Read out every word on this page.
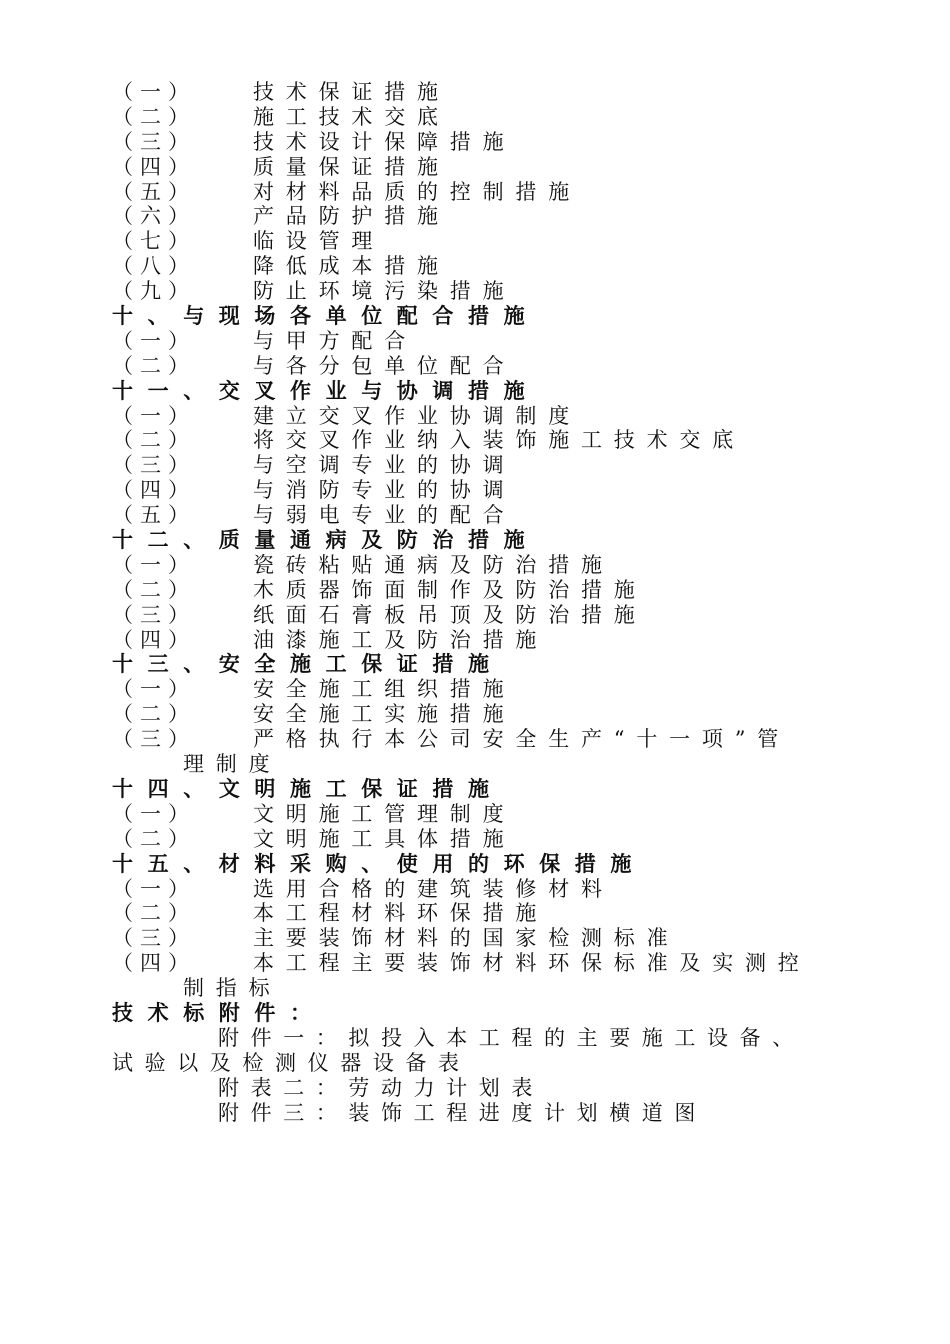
（一）	技术保证措施
（二）	施工技术交底
（三）	技术设计保障措施
（四）	质量保证措施
（五）	对材料品质的控制措施
（六）	产品防护措施
（七）	临设管理
（八）	降低成本措施
（九）	防止环境污染措施
十、与现场各单位配合措施
（一）	与甲方配合
（二）	与各分包单位配合
十一、交叉作业与协调措施
（一）	建立交叉作业协调制度
（二）	将交叉作业纳入装饰施工技术交底
（三）	与空调专业的协调
（四）	与消防专业的协调
（五）	与弱电专业的配合
十二、质量通病及防治措施
（一）	瓷砖粘贴通病及防治措施
（二）	木质器饰面制作及防治措施
（三）	纸面石膏板吊顶及防治措施
（四）	油漆施工及防治措施
十三、安全施工保证措施
（一）	安全施工组织措施
（二）	安全施工实施措施
（三）	严格执行本公司安全生产“十一项”管
理制度
十四、文明施工保证措施
（一）	文明施工管理制度
（二）	文明施工具体措施
十五、材料采购、使用的环保措施
（一）	选用合格的建筑装修材料
（二）	本工程材料环保措施
（三）	主要装饰材料的国家检测标准
（四）	本工程主要装饰材料环保标准及实测控
制指标
技术标附件：
附件一：拟投入本工程的主要施工设备、
试验以及检测仪器设备表
附表二：劳动力计划表
附件三：装饰工程进度计划横道图
